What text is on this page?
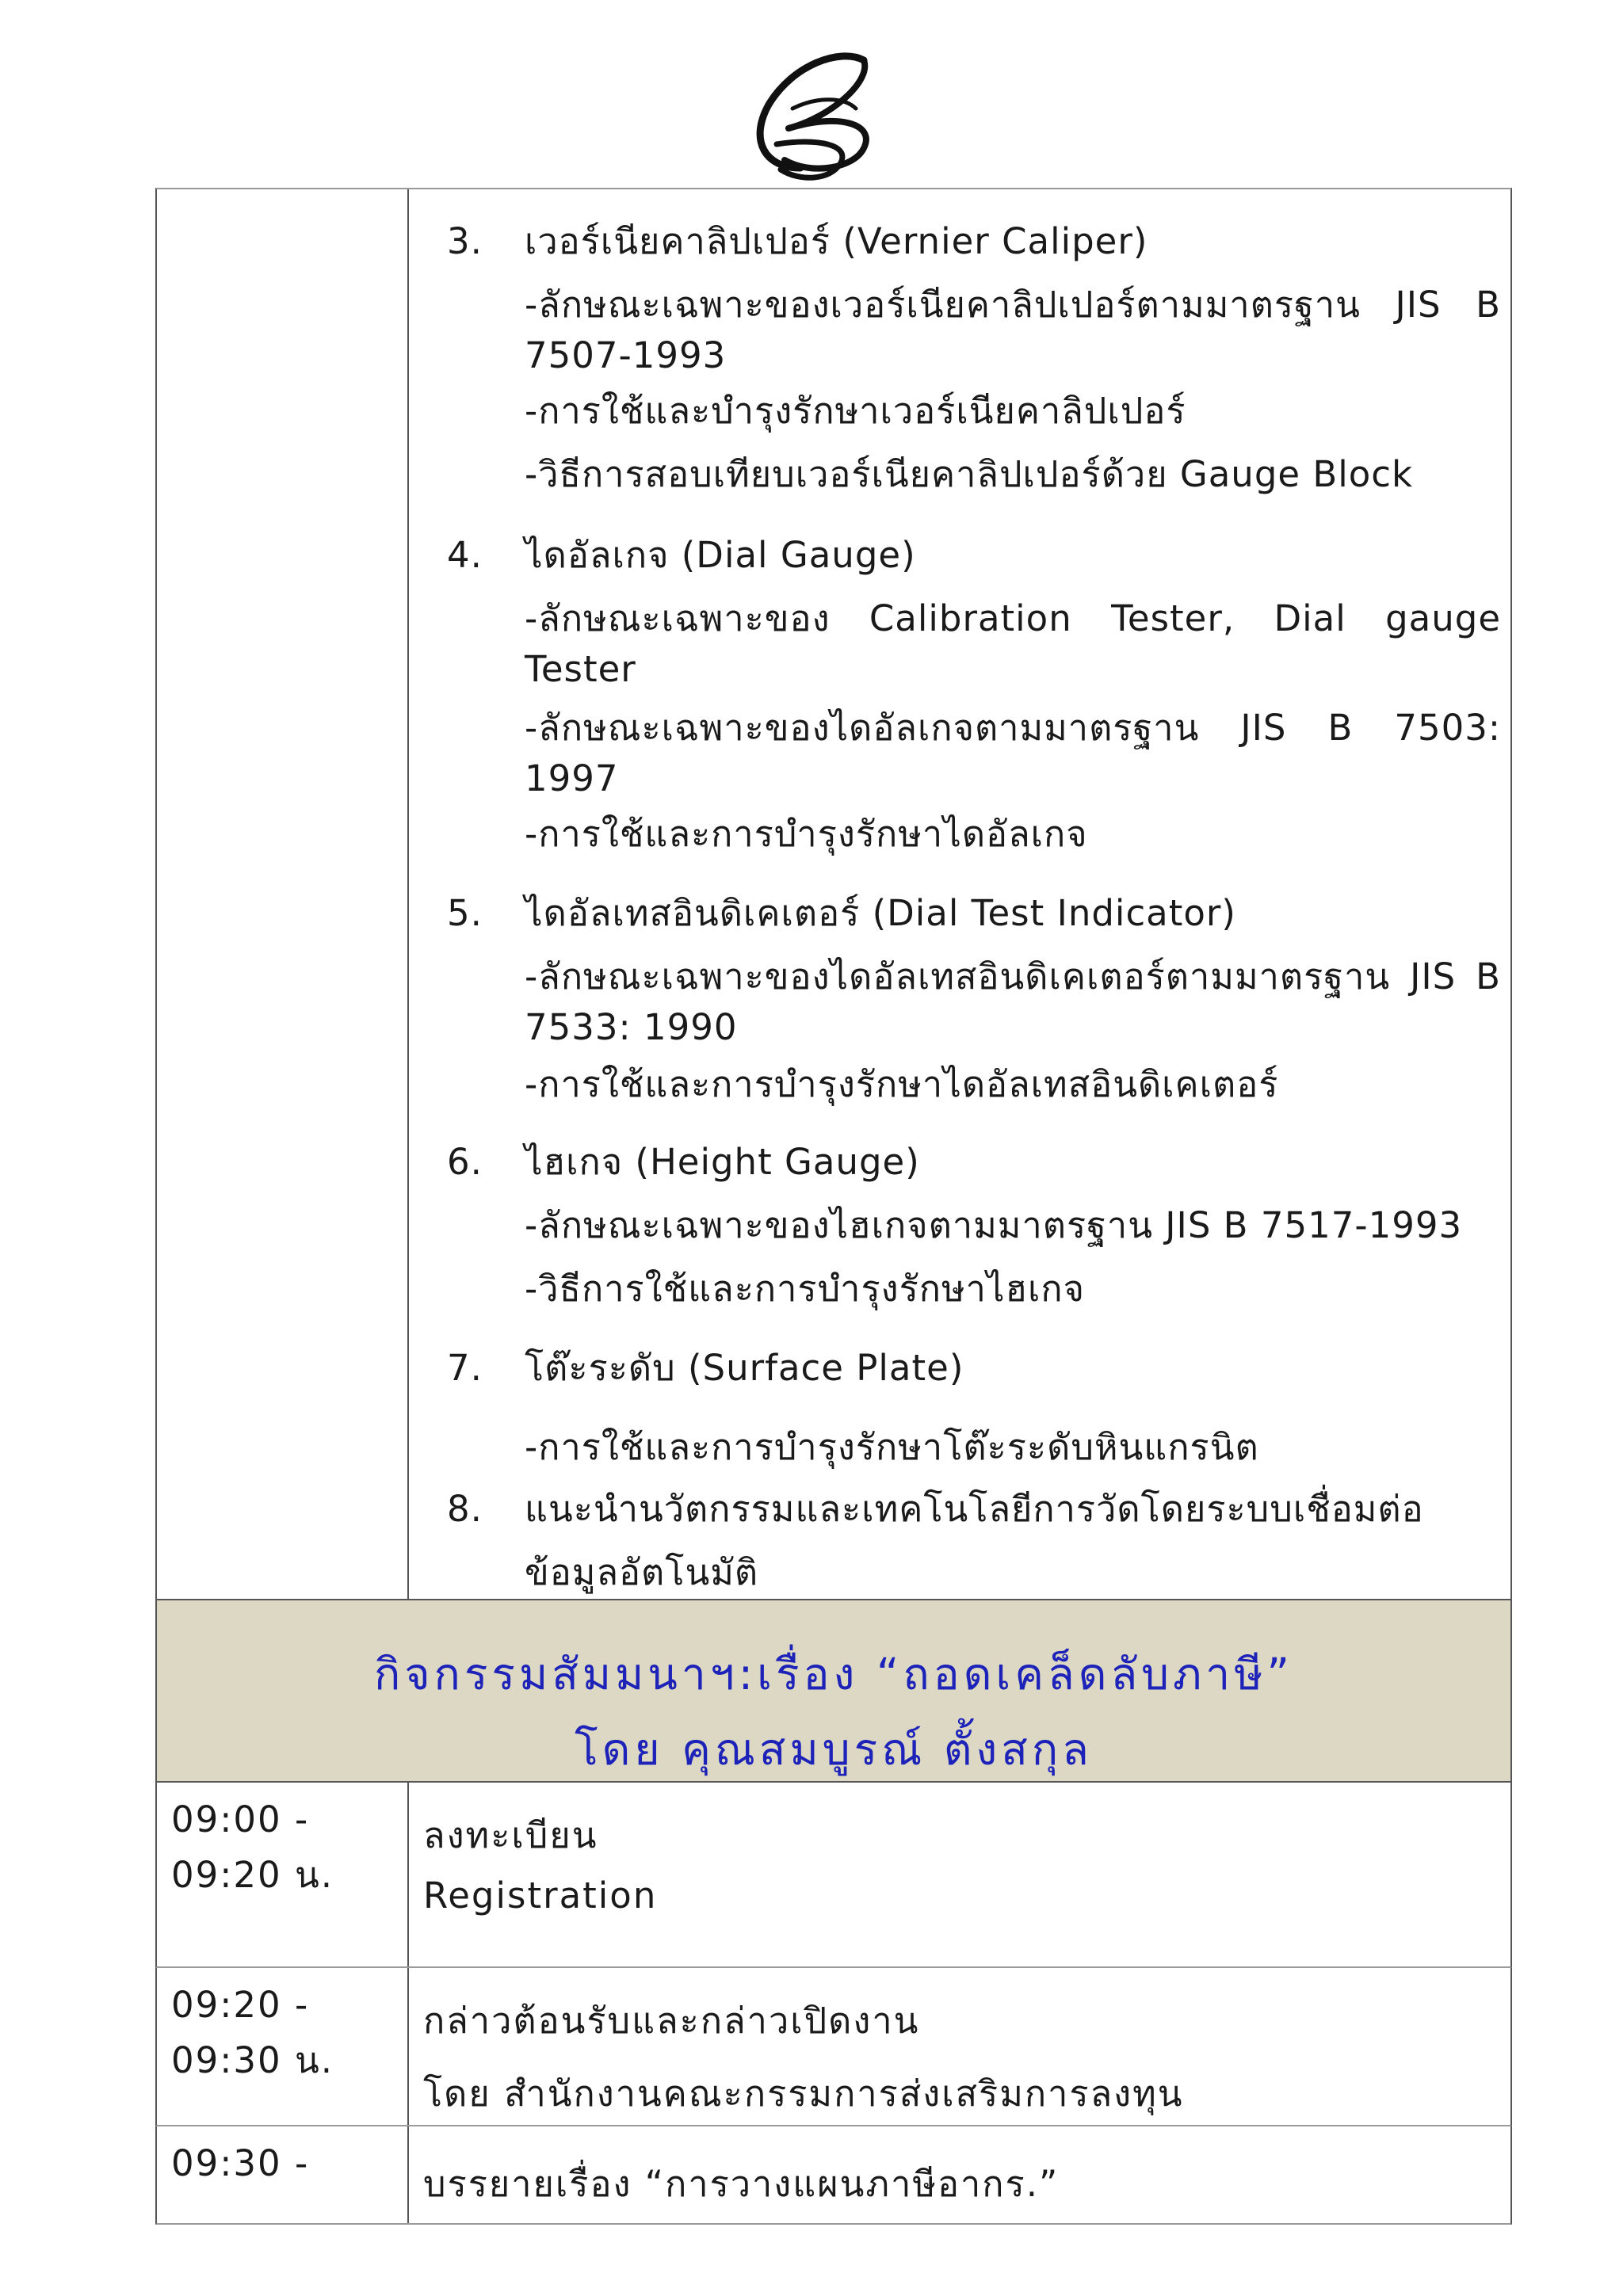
3. เวอร์เนียคาลิปเปอร์ (Vernier Caliper)
-ลักษณะเฉพาะของเวอร์เนียคาลิปเปอร์ตามมาตรฐาน JIS B 7507-1993
-การใช้และบำรุงรักษาเวอร์เนียคาลิปเปอร์
-วิธีการสอบเทียบเวอร์เนียคาลิปเปอร์ด้วย Gauge Block
4. ไดอัลเกจ (Dial Gauge)
-ลักษณะเฉพาะของ Calibration Tester, Dial gauge Tester
-ลักษณะเฉพาะของไดอัลเกจตามมาตรฐาน JIS B 7503: 1997
-การใช้และการบำรุงรักษาไดอัลเกจ
5. ไดอัลเทสอินดิเคเตอร์ (Dial Test Indicator)
-ลักษณะเฉพาะของไดอัลเทสอินดิเคเตอร์ตามมาตรฐาน JIS B 7533: 1990
-การใช้และการบำรุงรักษาไดอัลเทสอินดิเคเตอร์
6. ไฮเกจ (Height Gauge)
-ลักษณะเฉพาะของไฮเกจตามมาตรฐาน JIS B 7517-1993
-วิธีการใช้และการบำรุงรักษาไฮเกจ
7. โต๊ะระดับ (Surface Plate)
-การใช้และการบำรุงรักษาโต๊ะระดับหินแกรนิต
8. แนะนำนวัตกรรมและเทคโนโลยีการวัดโดยระบบเชื่อมต่อ
ข้อมูลอัตโนมัติ
กิจกรรมสัมมนาฯ:เรื่อง “ถอดเคล็ดลับภาษี”
โดย คุณสมบูรณ์ ตั้งสกุล
09:00 -
09:20 น.
ลงทะเบียน
Registration
09:20 -
09:30 น.
กล่าวต้อนรับและกล่าวเปิดงาน
โดย สำนักงานคณะกรรมการส่งเสริมการลงทุน
09:30 -	บรรยายเรื่อง “การวางแผนภาษีอากร.”
